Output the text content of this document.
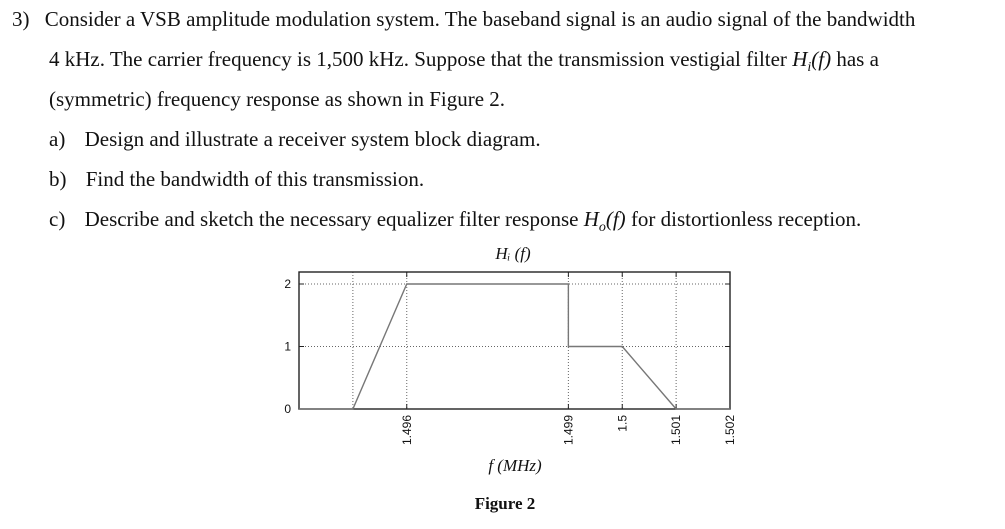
3) Consider a VSB amplitude modulation system. The baseband signal is an audio signal of the bandwidth
4 kHz. The carrier frequency is 1,500 kHz. Suppose that the transmission vestigial filter $H_i(f)$ has a
(symmetric) frequency response as shown in Figure 2.
a) Design and illustrate a receiver system block diagram.
b) Find the bandwidth of this transmission.
c) Describe and sketch the necessary equalizer filter response $H_o(f)$ for distortionless reception.
Hᵢ (f)
0
1
2
1.496	1.499	1.5	1.501	1.502
f (MHz)
Figure 2
